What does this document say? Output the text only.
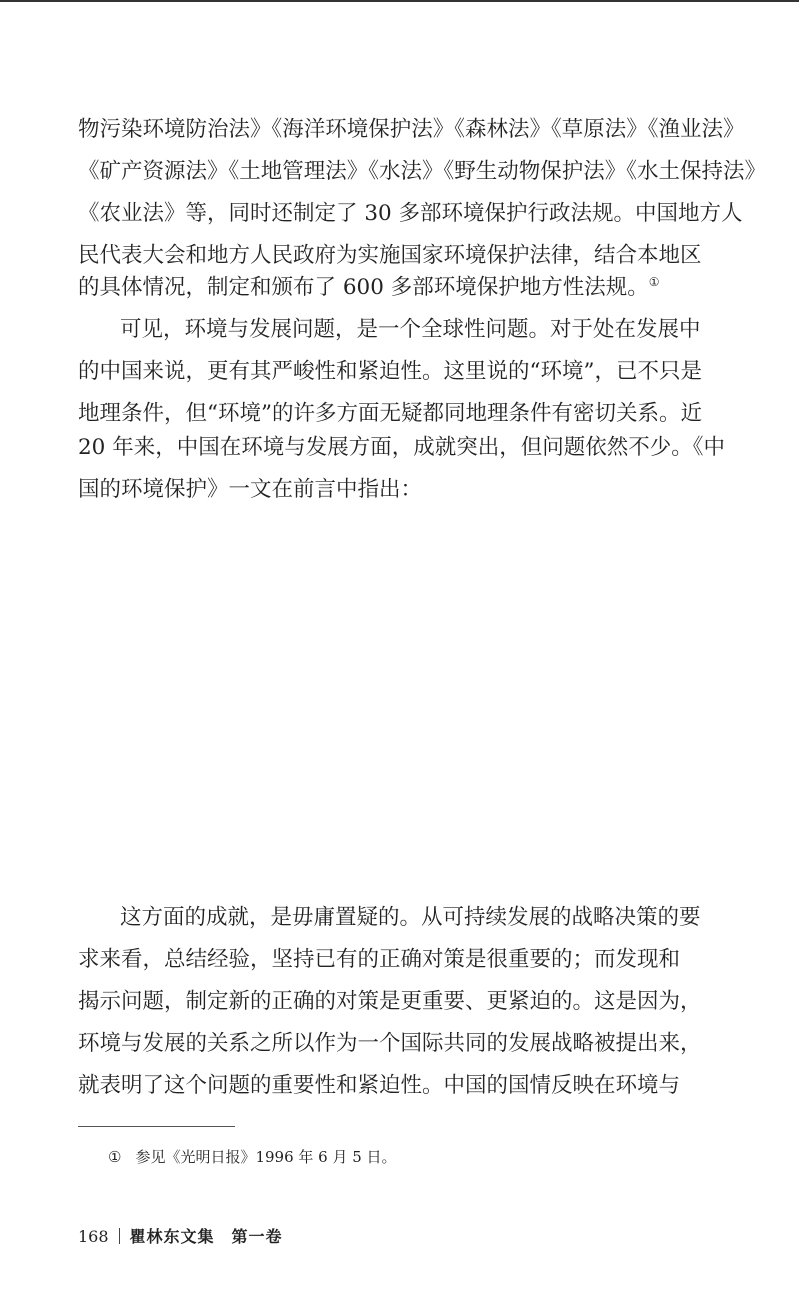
物污染环境防治法》《海洋环境保护法》《森林法》《草原法》《渔业法》
《矿产资源法》《土地管理法》《水法》《野生动物保护法》《水土保持法》
《农业法》等，同时还制定了 30 多部环境保护行政法规。中国地方人
民代表大会和地方人民政府为实施国家环境保护法律，结合本地区
的具体情况，制定和颁布了 600 多部环境保护地方性法规。①
可见，环境与发展问题，是一个全球性问题。对于处在发展中
的中国来说，更有其严峻性和紧迫性。这里说的“环境”，已不只是
地理条件，但“环境”的许多方面无疑都同地理条件有密切关系。近
20 年来，中国在环境与发展方面，成就突出，但问题依然不少。《中
国的环境保护》一文在前言中指出：
这方面的成就，是毋庸置疑的。从可持续发展的战略决策的要
求来看，总结经验，坚持已有的正确对策是很重要的；而发现和
揭示问题，制定新的正确的对策是更重要、更紧迫的。这是因为，
环境与发展的关系之所以作为一个国际共同的发展战略被提出来，
就表明了这个问题的重要性和紧迫性。中国的国情反映在环境与
① 参见《光明日报》1996 年 6 月 5 日。
168 瞿林东文集　第一卷
